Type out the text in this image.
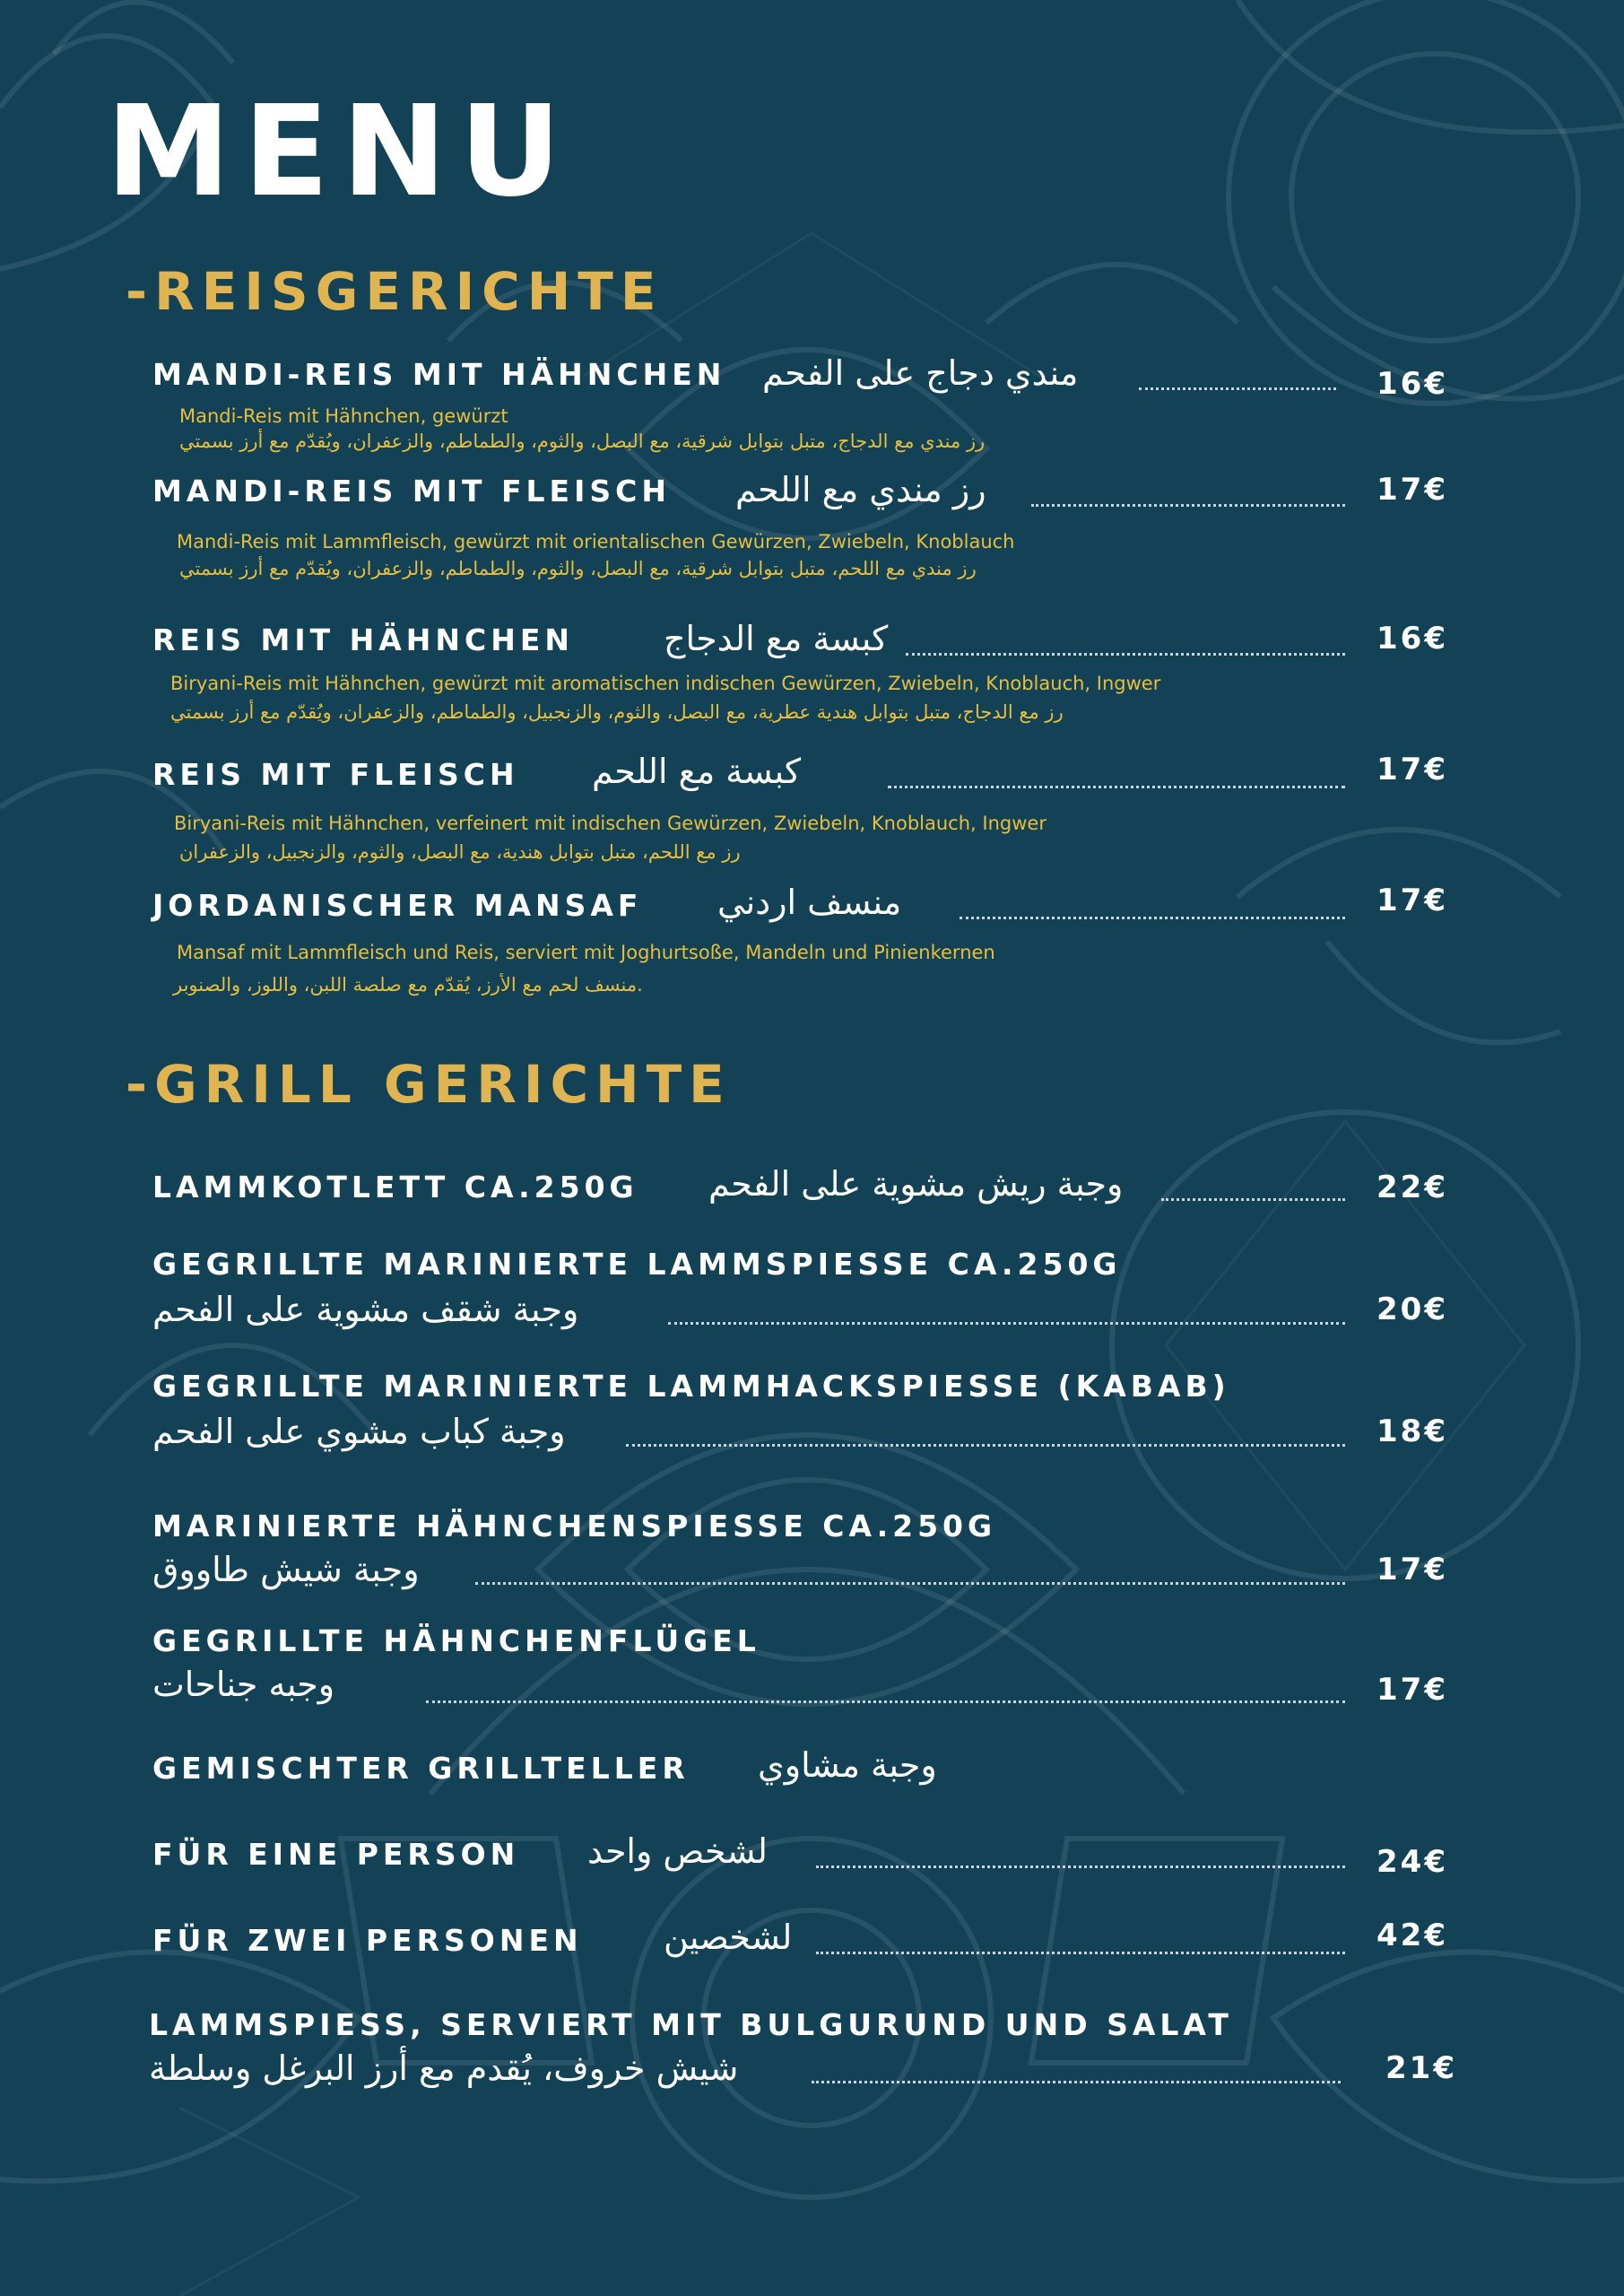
MENU
-REISGERICHTE
MANDI-REIS MIT HÄHNCHEN مندي دجاج على الفحم	16€
Mandi-Reis mit Hähnchen, gewürzt
رز مندي مع الدجاج، متبل بتوابل شرقية، مع البصل، والثوم، والطماطم، والزعفران، ويُقدّم مع أرز بسمتي
MANDI-REIS MIT FLEISCH رز مندي مع اللحم	17€
Mandi-Reis mit Lammfleisch, gewürzt mit orientalischen Gewürzen, Zwiebeln, Knoblauch
رز مندي مع اللحم، متبل بتوابل شرقية، مع البصل، والثوم، والطماطم، والزعفران، ويُقدّم مع أرز بسمتي
REIS MIT HÄHNCHEN	كبسة مع الدجاج	16€
Biryani-Reis mit Hähnchen, gewürzt mit aromatischen indischen Gewürzen, Zwiebeln, Knoblauch, Ingwer
رز مع الدجاج، متبل بتوابل هندية عطرية، مع البصل، والثوم، والزنجبيل، والطماطم، والزعفران، ويُقدّم مع أرز بسمتي
REIS MIT FLEISCH كبسة مع اللحم	17€
Biryani-Reis mit Hähnchen, verfeinert mit indischen Gewürzen, Zwiebeln, Knoblauch, Ingwer
رز مع اللحم، متبل بتوابل هندية، مع البصل، والثوم، والزنجبيل، والزعفران
JORDANISCHER MANSAF منسف اردني	17€
Mansaf mit Lammfleisch und Reis, serviert mit Joghurtsoße, Mandeln und Pinienkernen
منسف لحم مع الأرز، يُقدّم مع صلصة اللبن، واللوز، والصنوبر.
-GRILL GERICHTE
LAMMKOTLETT CA.250G وجبة ريش مشوية على الفحم	22€
GEGRILLTE MARINIERTE LAMMSPIESSE CA.250G
وجبة شقف مشوية على الفحم	20€
GEGRILLTE MARINIERTE LAMMHACKSPIESSE (KABAB)
وجبة كباب مشوي على الفحم	18€
MARINIERTE HÄHNCHENSPIESSE CA.250G
وجبة شيش طاووق	17€
GEGRILLTE HÄHNCHENFLÜGEL
وجبه جناحات	17€
GEMISCHTER GRILLTELLER وجبة مشاوي
FÜR EINE PERSON لشخص واحد	24€
FÜR ZWEI PERSONEN لشخصين	42€
LAMMSPIESS, SERVIERT MIT BULGURUND UND SALAT
شيش خروف، يُقدم مع أرز البرغل وسلطة	21€
